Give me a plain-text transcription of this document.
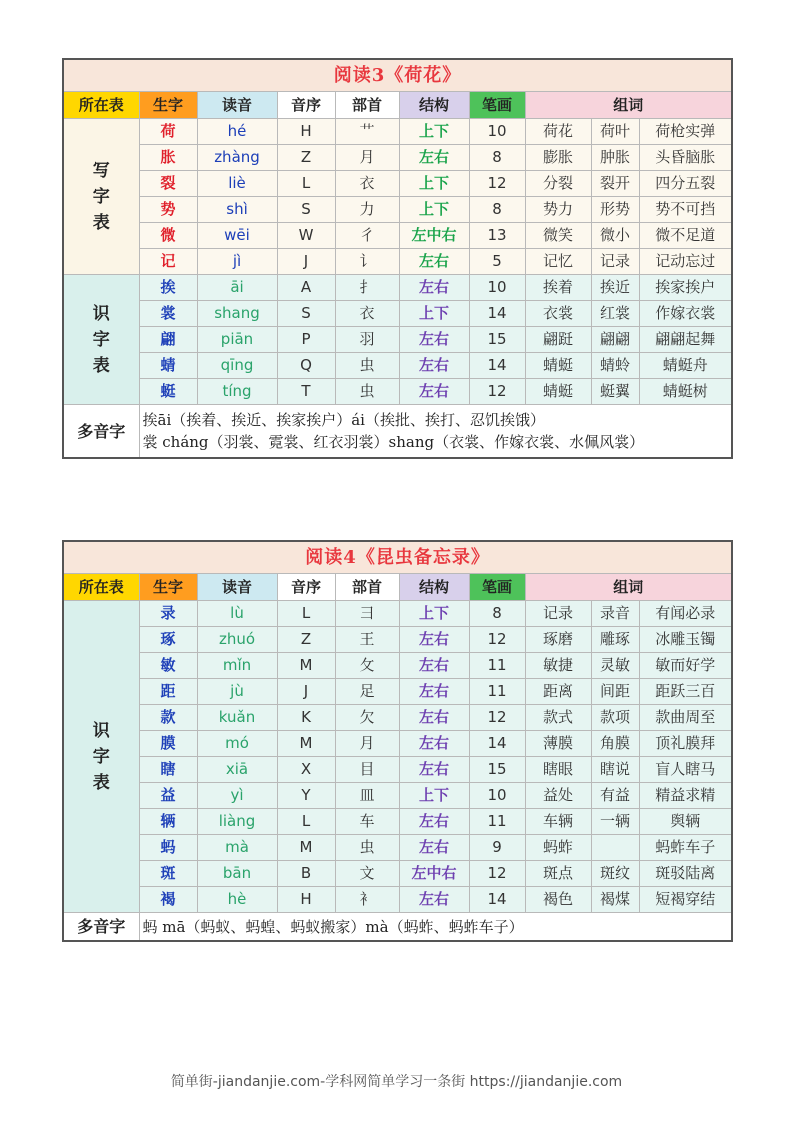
阅读3《荷花》									
所在表	生字	读音	音序	部首	结构	笔画	组词		

写
字
表	荷	hé	H	艹	上下	10	荷花	荷叶	荷枪实弹
	胀	zhàng	Z	月	左右	8	膨胀	肿胀	头昏脑胀
	裂	liè	L	衣	上下	12	分裂	裂开	四分五裂
	势	shì	S	力	上下	8	势力	形势	势不可挡
	微	wēi	W	彳	左中右	13	微笑	微小	微不足道
	记	jì	J	讠	左右	5	记忆	记录	记动忘过

识
字
表	挨	āi	A	扌	左右	10	挨着	挨近	挨家挨户
	裳	shang	S	衣	上下	14	衣裳	红裳	作嫁衣裳
	翩	piān	P	羽	左右	15	翩跹	翩翩	翩翩起舞
	蜻	qīng	Q	虫	左右	14	蜻蜓	蜻蛉	蜻蜓舟
	蜓	tíng	T	虫	左右	12	蜻蜓	蜓翼	蜻蜓树
多音字	挨āi（挨着、挨近、挨家挨户）ái（挨批、挨打、忍饥挨饿）
裳 cháng（羽裳、霓裳、红衣羽裳）shang（衣裳、作嫁衣裳、水佩风裳）								
阅读4《昆虫备忘录》									
所在表	生字	读音	音序	部首	结构	笔画	组词		

识
字
表	录	lù	L	彐	上下	8	记录	录音	有闻必录
	琢	zhuó	Z	王	左右	12	琢磨	雕琢	冰雕玉镯
	敏	mǐn	M	攵	左右	11	敏捷	灵敏	敏而好学
	距	jù	J	足	左右	11	距离	间距	距跃三百
	款	kuǎn	K	欠	左右	12	款式	款项	款曲周至
	膜	mó	M	月	左右	14	薄膜	角膜	顶礼膜拜
	瞎	xiā	X	目	左右	15	瞎眼	瞎说	盲人瞎马
	益	yì	Y	皿	上下	10	益处	有益	精益求精
	辆	liàng	L	车	左右	11	车辆	一辆	舆辆
	蚂	mà	M	虫	左右	9	蚂蚱		蚂蚱车子
	斑	bān	B	文	左中右	12	斑点	斑纹	斑驳陆离
	褐	hè	H	衤	左右	14	褐色	褐煤	短褐穿结
多音字	蚂 mā（蚂蚁、蚂蝗、蚂蚁搬家）mà（蚂蚱、蚂蚱车子）								
简单街-jiandanjie.com-学科网简单学习一条街 https://jiandanjie.com
